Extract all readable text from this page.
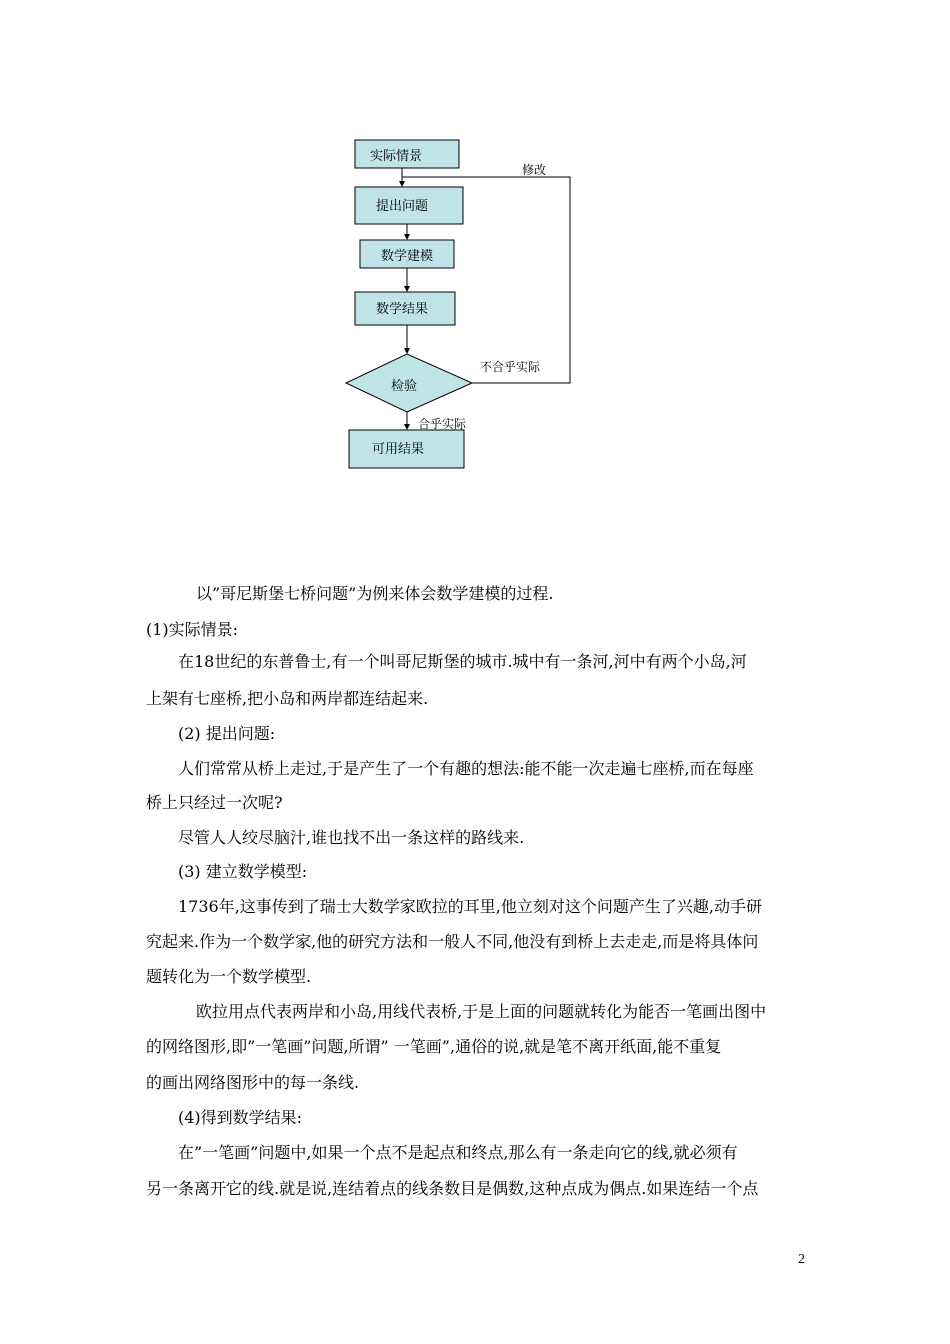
实际情景
提出问题
数学建模
数学结果
检验
可用结果
修改
不合乎实际
合乎实际
以”哥尼斯堡七桥问题”为例来体会数学建模的过程.
(1)实际情景:
在18世纪的东普鲁士,有一个叫哥尼斯堡的城市.城中有一条河,河中有两个小岛,河
上架有七座桥,把小岛和两岸都连结起来.
(2) 提出问题:
人们常常从桥上走过,于是产生了一个有趣的想法:能不能一次走遍七座桥,而在每座
桥上只经过一次呢?
尽管人人绞尽脑汁,谁也找不出一条这样的路线来.
(3) 建立数学模型:
1736年,这事传到了瑞士大数学家欧拉的耳里,他立刻对这个问题产生了兴趣,动手研
究起来.作为一个数学家,他的研究方法和一般人不同,他没有到桥上去走走,而是将具体问
题转化为一个数学模型.
欧拉用点代表两岸和小岛,用线代表桥,于是上面的问题就转化为能否一笔画出图中
的网络图形,即”一笔画”问题,所谓” 一笔画”,通俗的说,就是笔不离开纸面,能不重复
的画出网络图形中的每一条线.
(4)得到数学结果:
在”一笔画”问题中,如果一个点不是起点和终点,那么有一条走向它的线,就必须有
另一条离开它的线.就是说,连结着点的线条数目是偶数,这种点成为偶点.如果连结一个点
2
